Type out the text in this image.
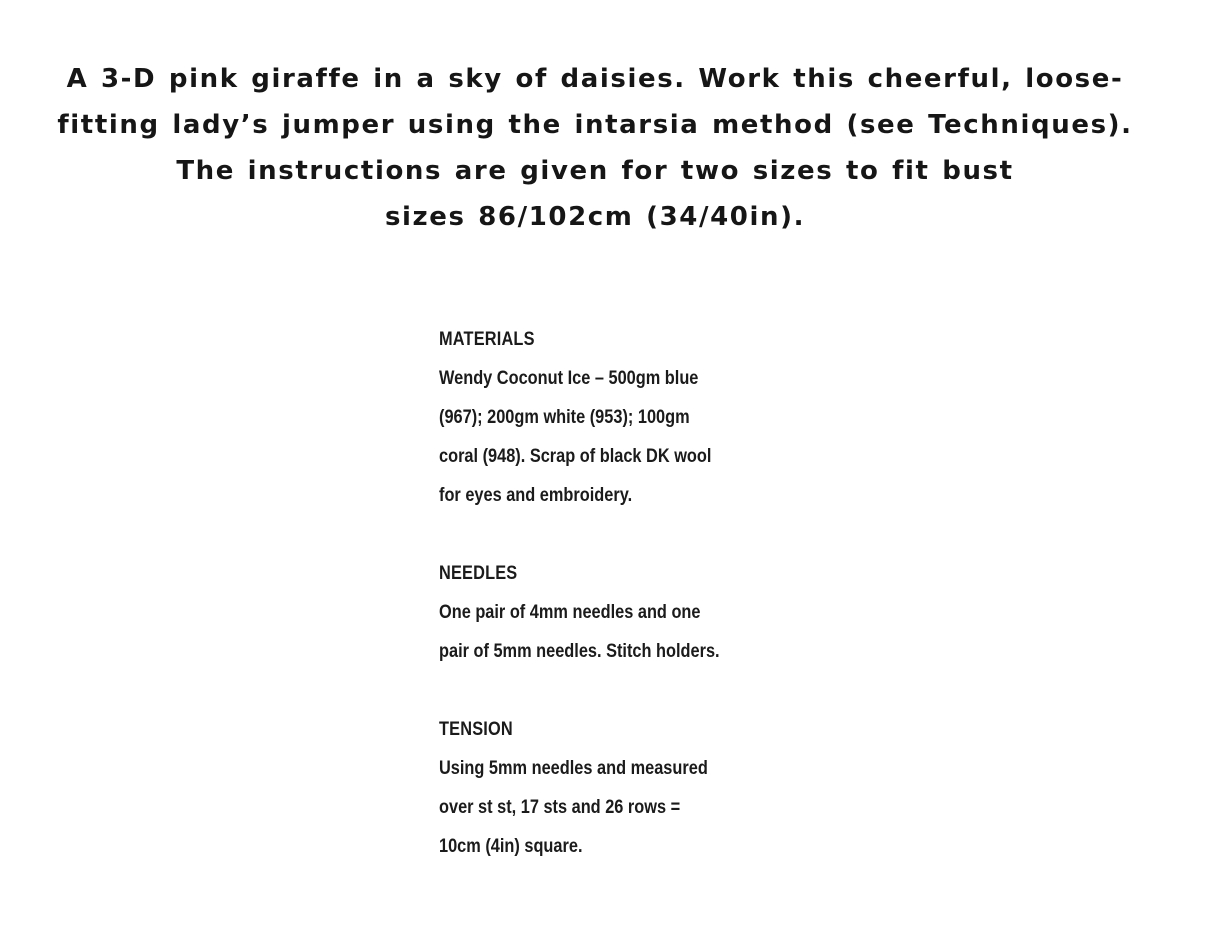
A 3-D pink giraffe in a sky of daisies. Work this cheerful, loose-
fitting lady’s jumper using the intarsia method (see Techniques).
The instructions are given for two sizes to fit bust
sizes 86/102cm (34/40in).
MATERIALS
Wendy Coconut Ice – 500gm blue
(967); 200gm white (953); 100gm
coral (948). Scrap of black DK wool
for eyes and embroidery.
NEEDLES
One pair of 4mm needles and one
pair of 5mm needles. Stitch holders.
TENSION
Using 5mm needles and measured
over st st, 17 sts and 26 rows =
10cm (4in) square.
